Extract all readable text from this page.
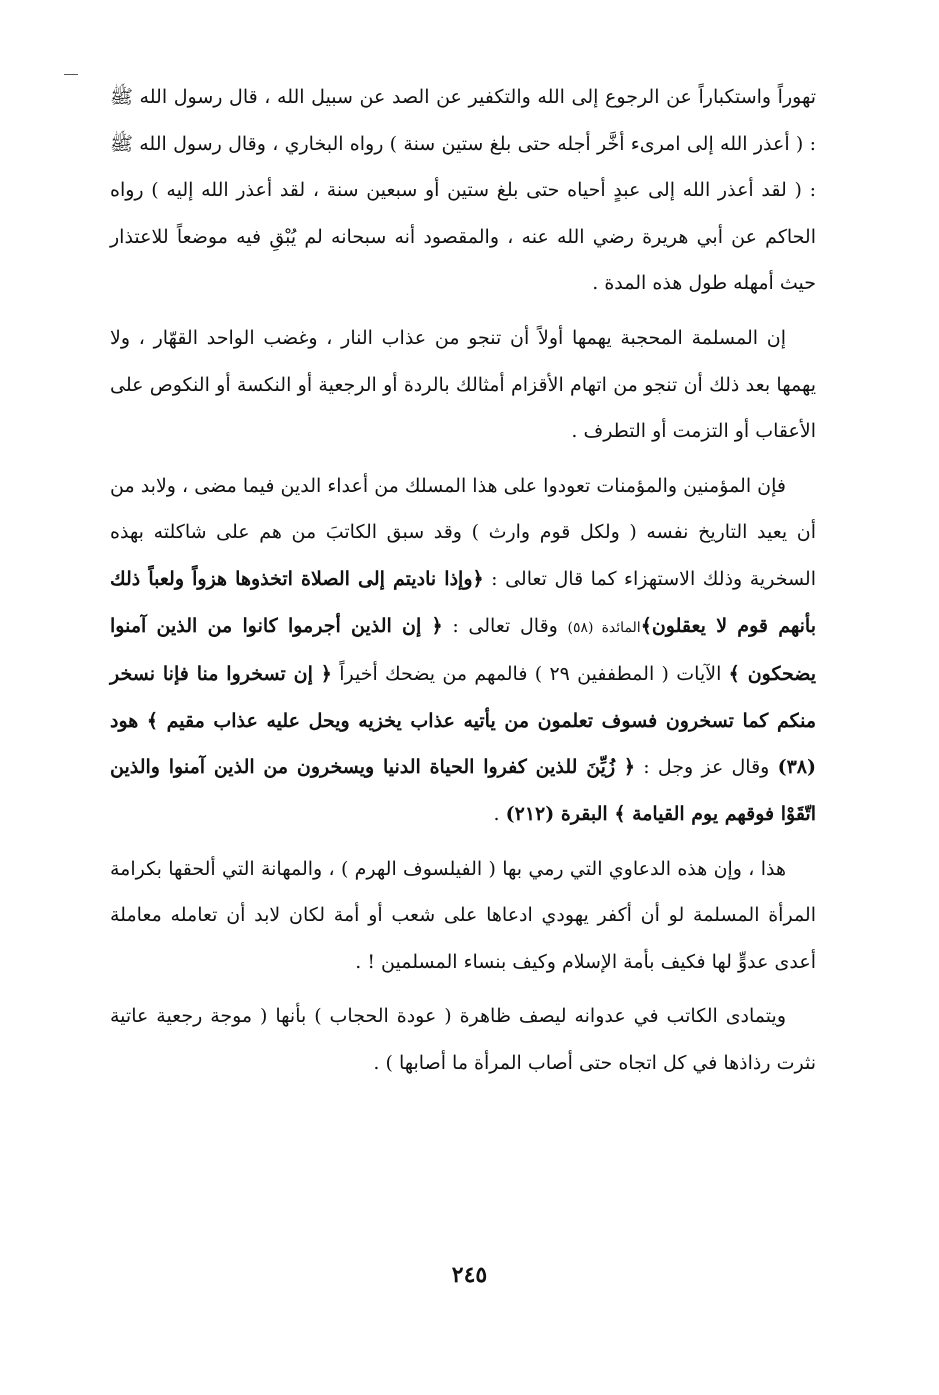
تهوراً واستكباراً عن الرجوع إلى الله والتكفير عن الصد عن سبيل الله ، قال رسول الله ﷺ : ( أعذر الله إلى امرىء أخَّر أجله حتى بلغ ستين سنة ) رواه البخاري ، وقال رسول الله ﷺ : ( لقد أعذر الله إلى عبدٍ أحياه حتى بلغ ستين أو سبعين سنة ، لقد أعذر الله إليه ) رواه الحاكم عن أبي هريرة رضي الله عنه ، والمقصود أنه سبحانه لم يُبْقِ فيه موضعاً للاعتذار حيث أمهله طول هذه المدة .

إن المسلمة المحجبة يهمها أولاً أن تنجو من عذاب النار ، وغضب الواحد القهّار ، ولا يهمها بعد ذلك أن تنجو من اتهام الأقزام أمثالك بالردة أو الرجعية أو النكسة أو النكوص على الأعقاب أو التزمت أو التطرف .

فإن المؤمنين والمؤمنات تعودوا على هذا المسلك من أعداء الدين فيما مضى ، ولابد من أن يعيد التاريخ نفسه ( ولكل قوم وارث ) وقد سبق الكاتبَ من هم على شاكلته بهذه السخرية وذلك الاستهزاء كما قال تعالى : ﴿وإذا ناديتم إلى الصلاة اتخذوها هزواً ولعباً ذلك بأنهم قوم لا يعقلون﴾المائدة (٥٨) وقال تعالى : ﴿ إن الذين أجرموا كانوا من الذين آمنوا يضحكون ﴾ الآيات ( المطففين ٢٩ ) فالمهم من يضحك أخيراً ﴿ إن تسخروا منا فإنا نسخر منكم كما تسخرون فسوف تعلمون من يأتيه عذاب يخزيه ويحل عليه عذاب مقيم ﴾ هود (٣٨) وقال عز وجل : ﴿ زُيِّنَ للذين كفروا الحياة الدنيا ويسخرون من الذين آمنوا والذين اتّقَوْا فوقهم يوم القيامة ﴾ البقرة (٢١٢) .

هذا ، وإن هذه الدعاوي التي رمي بها ( الفيلسوف الهرم ) ، والمهانة التي ألحقها بكرامة المرأة المسلمة لو أن أكفر يهودي ادعاها على شعب أو أمة لكان لابد أن تعامله معاملة أعدى عدوٍّ لها فكيف بأمة الإسلام وكيف بنساء المسلمين ! .

ويتمادى الكاتب في عدوانه ليصف ظاهرة ( عودة الحجاب ) بأنها ( موجة رجعية عاتية نثرت رذاذها في كل اتجاه حتى أصاب المرأة ما أصابها ) .

٢٤٥
